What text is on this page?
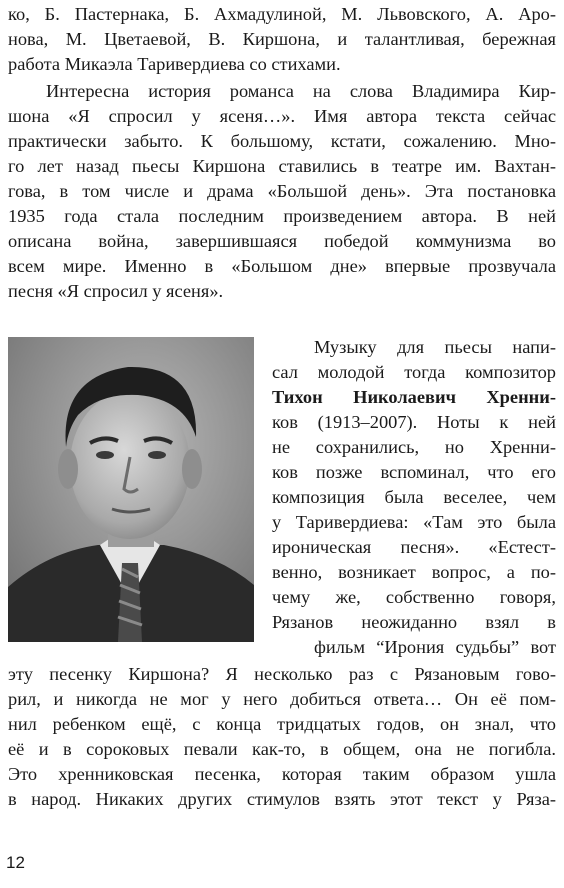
ко, Б. Пастернака, Б. Ахмадулиной, М. Львовского, А. Аро-
нова, М. Цветаевой, В. Киршона, и талантливая, бережная
работа Микаэла Таривердиева со стихами.
Интересна история романса на слова Владимира Кир-
шона «Я спросил у ясеня…». Имя автора текста сейчас
практически забыто. К большому, кстати, сожалению. Мно-
го лет назад пьесы Киршона ставились в театре им. Вахтан-
гова, в том числе и драма «Большой день». Эта постановка
1935 года стала последним произведением автора. В ней
описана война, завершившаяся победой коммунизма во
всем мире. Именно в «Большом дне» впервые прозвучала
песня «Я спросил у ясеня».
Музыку для пьесы напи-
сал молодой тогда композитор
Тихон Николаевич Хренни-
ков (1913–2007). Ноты к ней
не сохранились, но Хренни-
ков позже вспоминал, что его
композиция была веселее, чем
у Таривердиева: «Там это была
ироническая песня». «Естест-
венно, возникает вопрос, а по-
чему же, собственно говоря,
Рязанов неожиданно взял в
фильм “Ирония судьбы” вот
эту песенку Киршона? Я несколько раз с Рязановым гово-
рил, и никогда не мог у него добиться ответа… Он её пом-
нил ребенком ещё, с конца тридцатых годов, он знал, что
её и в сороковых певали как-то, в общем, она не погибла.
Это хренниковская песенка, которая таким образом ушла
в народ. Никаких других стимулов взять этот текст у Ряза-
12
